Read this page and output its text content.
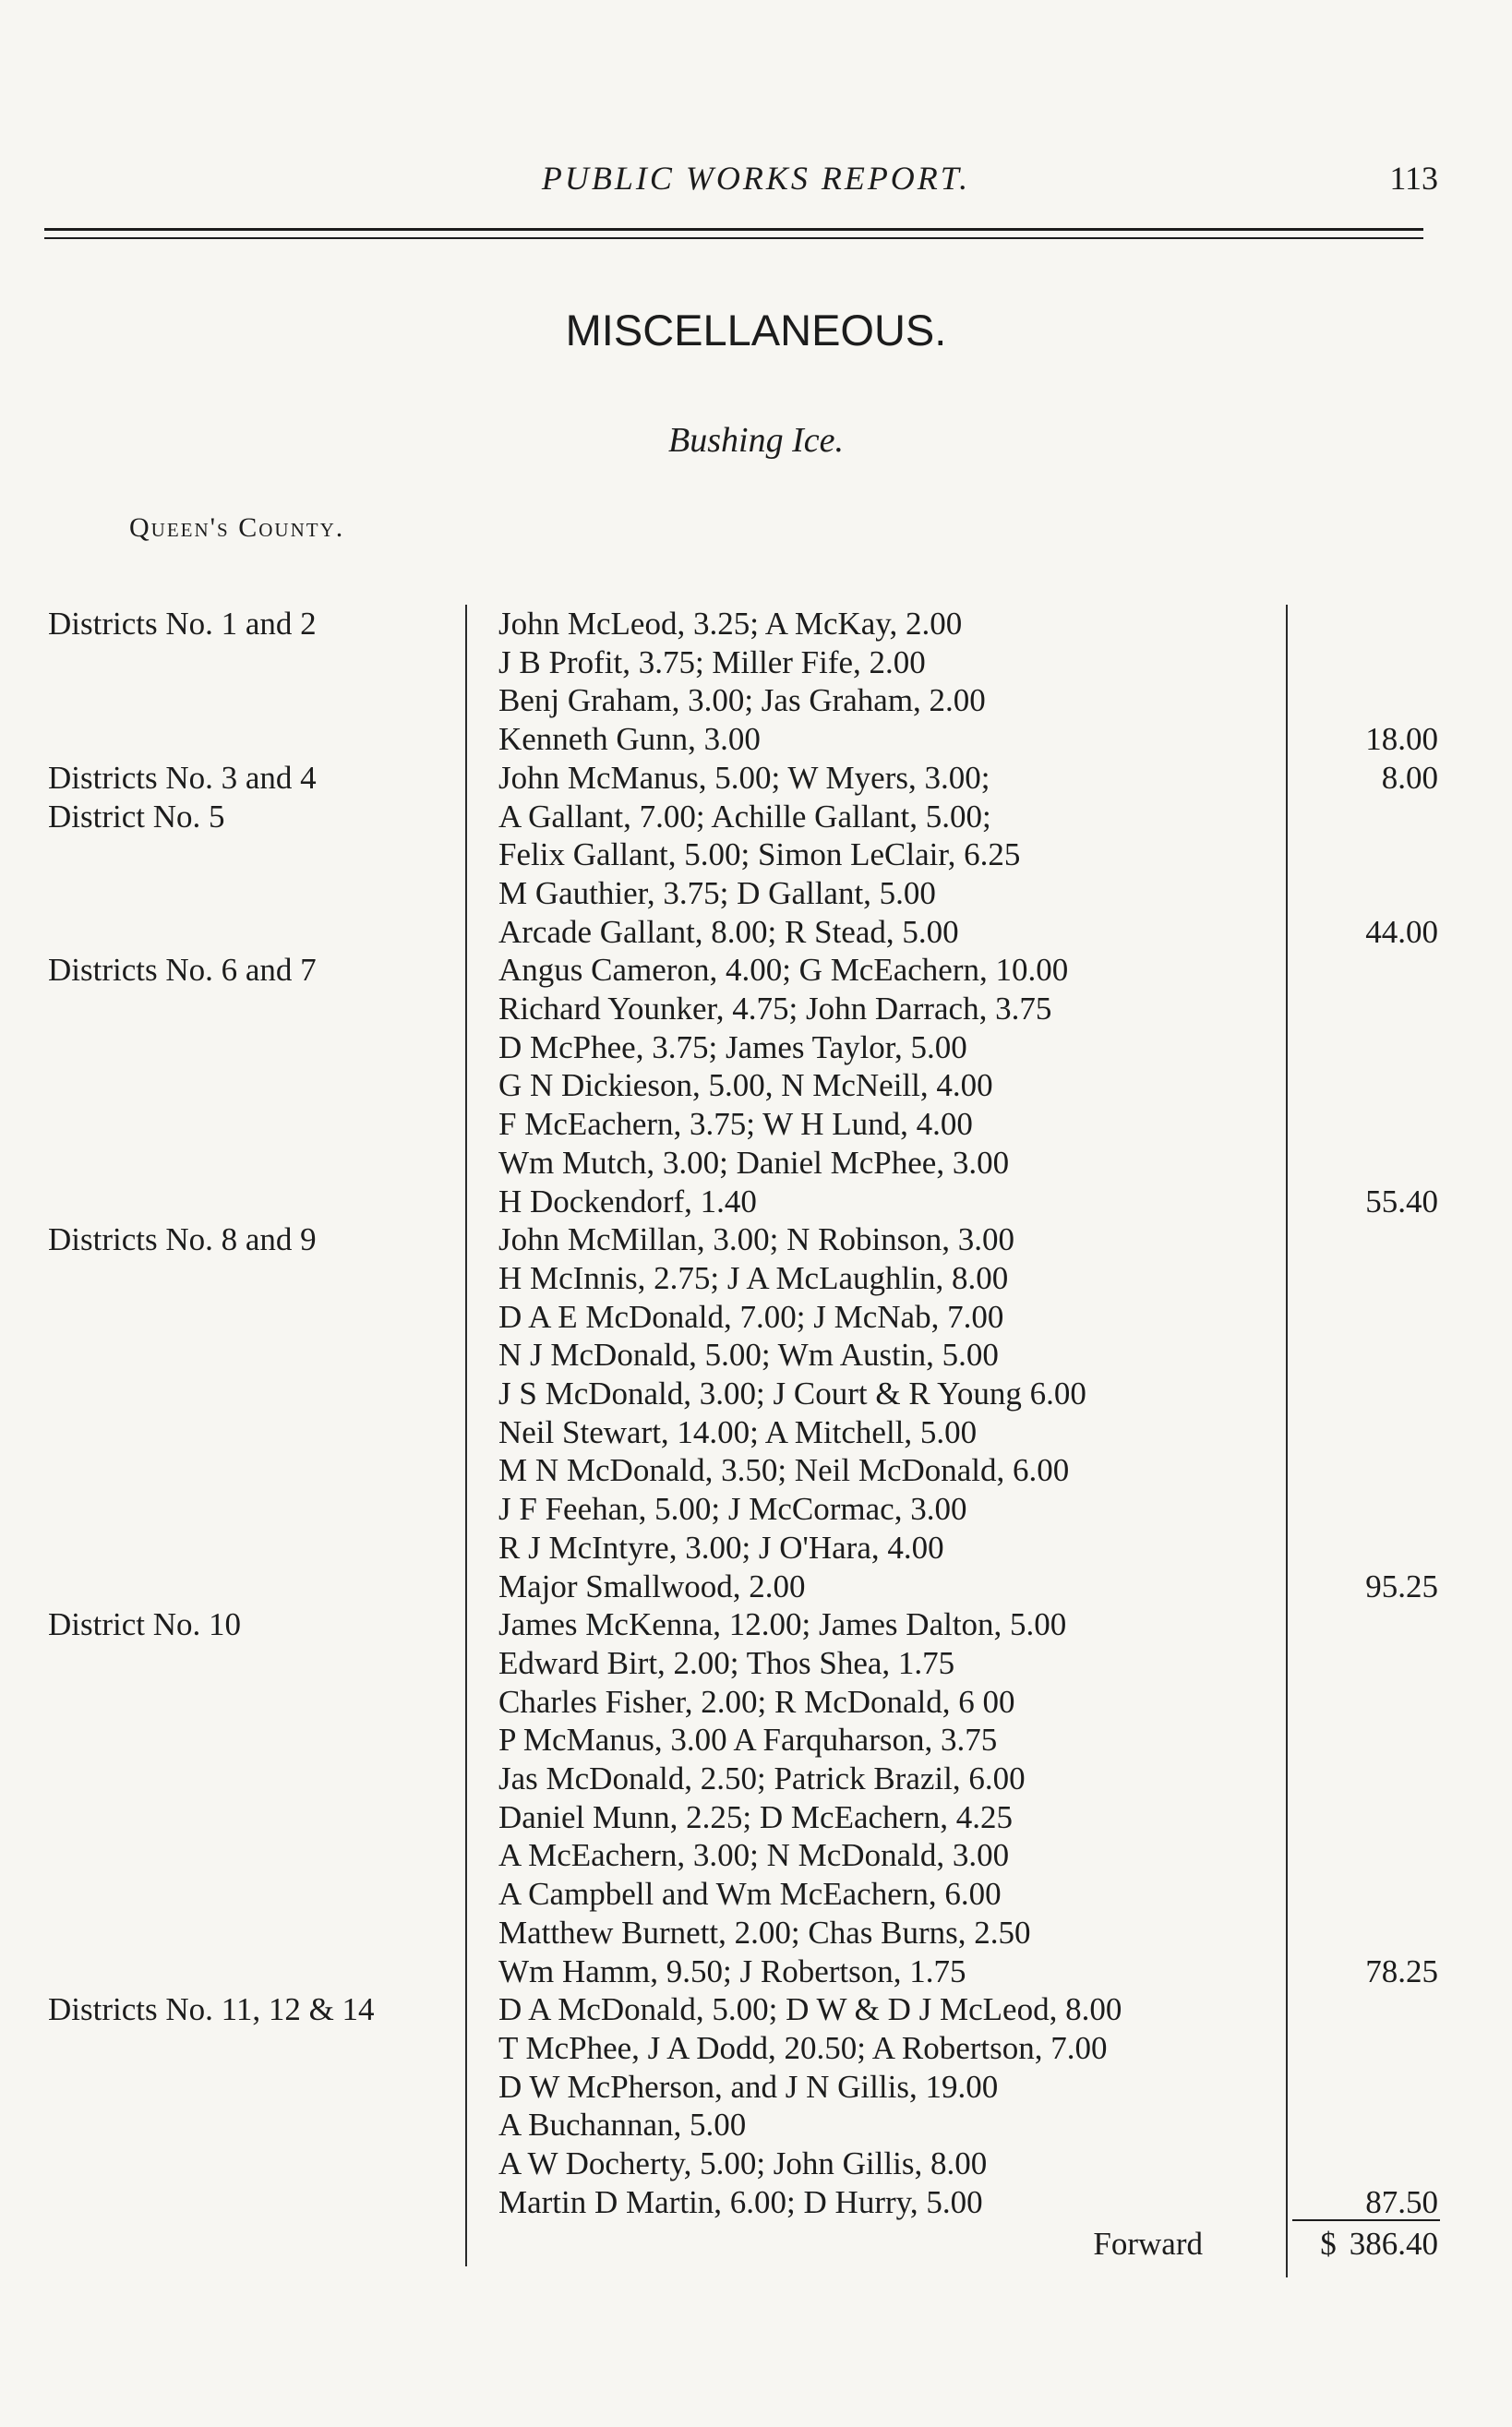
PUBLIC WORKS REPORT.	113
MISCELLANEOUS.
Bushing Ice.
Queen's County.
Districts No. 1 and 2	John McLeod, 3.25; A McKay, 2.00
J B Profit, 3.75; Miller Fife, 2.00
Benj Graham, 3.00; Jas Graham, 2.00
Kenneth Gunn, 3.00	18.00
Districts No. 3 and 4	John McManus, 5.00; W Myers, 3.00;	8.00
District No. 5	A Gallant, 7.00; Achille Gallant, 5.00;
Felix Gallant, 5.00; Simon LeClair, 6.25
M Gauthier, 3.75; D Gallant, 5.00
Arcade Gallant, 8.00; R Stead, 5.00	44.00
Districts No. 6 and 7	Angus Cameron, 4.00; G McEachern, 10.00
Richard Younker, 4.75; John Darrach, 3.75
D McPhee, 3.75; James Taylor, 5.00
G N Dickieson, 5.00, N McNeill, 4.00
F McEachern, 3.75; W H Lund, 4.00
Wm Mutch, 3.00; Daniel McPhee, 3.00
H Dockendorf, 1.40	55.40
Districts No. 8 and 9	John McMillan, 3.00; N Robinson, 3.00
H McInnis, 2.75; J A McLaughlin, 8.00
D A E McDonald, 7.00; J McNab, 7.00
N J McDonald, 5.00; Wm Austin, 5.00
J S McDonald, 3.00; J Court & R Young 6.00
Neil Stewart, 14.00; A Mitchell, 5.00
M N McDonald, 3.50; Neil McDonald, 6.00
J F Feehan, 5.00; J McCormac, 3.00
R J McIntyre, 3.00; J O'Hara, 4.00
Major Smallwood, 2.00	95.25
District No. 10	James McKenna, 12.00; James Dalton, 5.00
Edward Birt, 2.00; Thos Shea, 1.75
Charles Fisher, 2.00; R McDonald, 6 00
P McManus, 3.00 A Farquharson, 3.75
Jas McDonald, 2.50; Patrick Brazil, 6.00
Daniel Munn, 2.25; D McEachern, 4.25
A McEachern, 3.00; N McDonald, 3.00
A Campbell and Wm McEachern, 6.00
Matthew Burnett, 2.00; Chas Burns, 2.50
Wm Hamm, 9.50; J Robertson, 1.75	78.25
Districts No. 11, 12 & 14	D A McDonald, 5.00; D W & D J McLeod, 8.00
T McPhee, J A Dodd, 20.50; A Robertson, 7.00
D W McPherson, and J N Gillis, 19.00
A Buchannan, 5.00
A W Docherty, 5.00; John Gillis, 8.00
Martin D Martin, 6.00; D Hurry, 5.00	87.50
Forward	$ 386.40
